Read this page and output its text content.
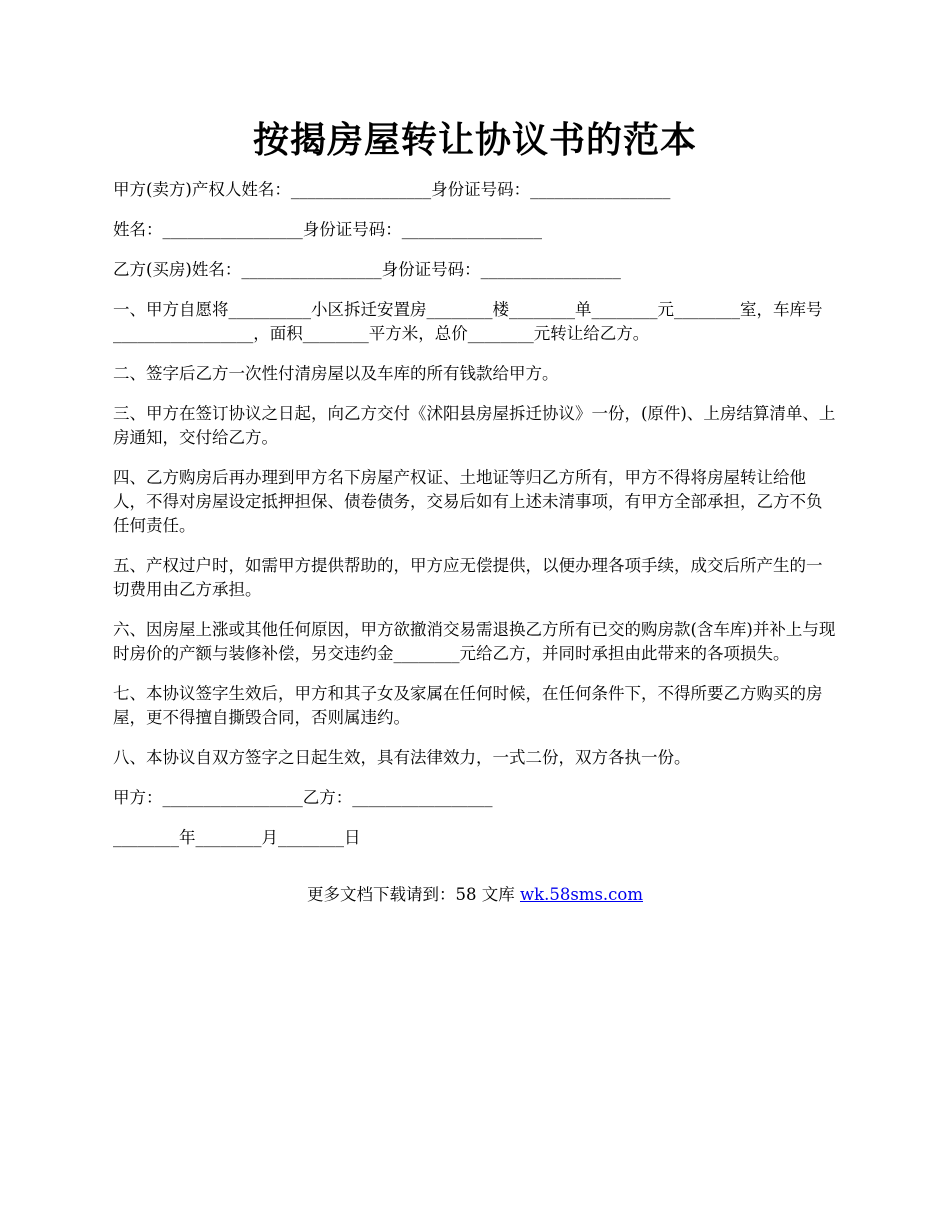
按揭房屋转让协议书的范本

甲方(卖方)产权人姓名：_________________身份证号码：_________________

姓名：_________________身份证号码：_________________

乙方(买房)姓名：_________________身份证号码：_________________

一、甲方自愿将__________小区拆迁安置房________楼________单________元________室，车库号_________________，面积________平方米，总价________元转让给乙方。

二、签字后乙方一次性付清房屋以及车库的所有钱款给甲方。

三、甲方在签订协议之日起，向乙方交付《沭阳县房屋拆迁协议》一份，(原件)、上房结算清单、上房通知，交付给乙方。

四、乙方购房后再办理到甲方名下房屋产权证、土地证等归乙方所有，甲方不得将房屋转让给他人，不得对房屋设定抵押担保、债卷债务，交易后如有上述未清事项，有甲方全部承担，乙方不负任何责任。

五、产权过户时，如需甲方提供帮助的，甲方应无偿提供，以便办理各项手续，成交后所产生的一切费用由乙方承担。

六、因房屋上涨或其他任何原因，甲方欲撤消交易需退换乙方所有已交的购房款(含车库)并补上与现时房价的产额与装修补偿，另交违约金________元给乙方，并同时承担由此带来的各项损失。

七、本协议签字生效后，甲方和其子女及家属在任何时候，在任何条件下，不得所要乙方购买的房屋，更不得擅自撕毁合同，否则属违约。

八、本协议自双方签字之日起生效，具有法律效力，一式二份，双方各执一份。

甲方：_________________乙方：_________________

________年________月________日

更多文档下载请到：58 文库 wk.58sms.com
